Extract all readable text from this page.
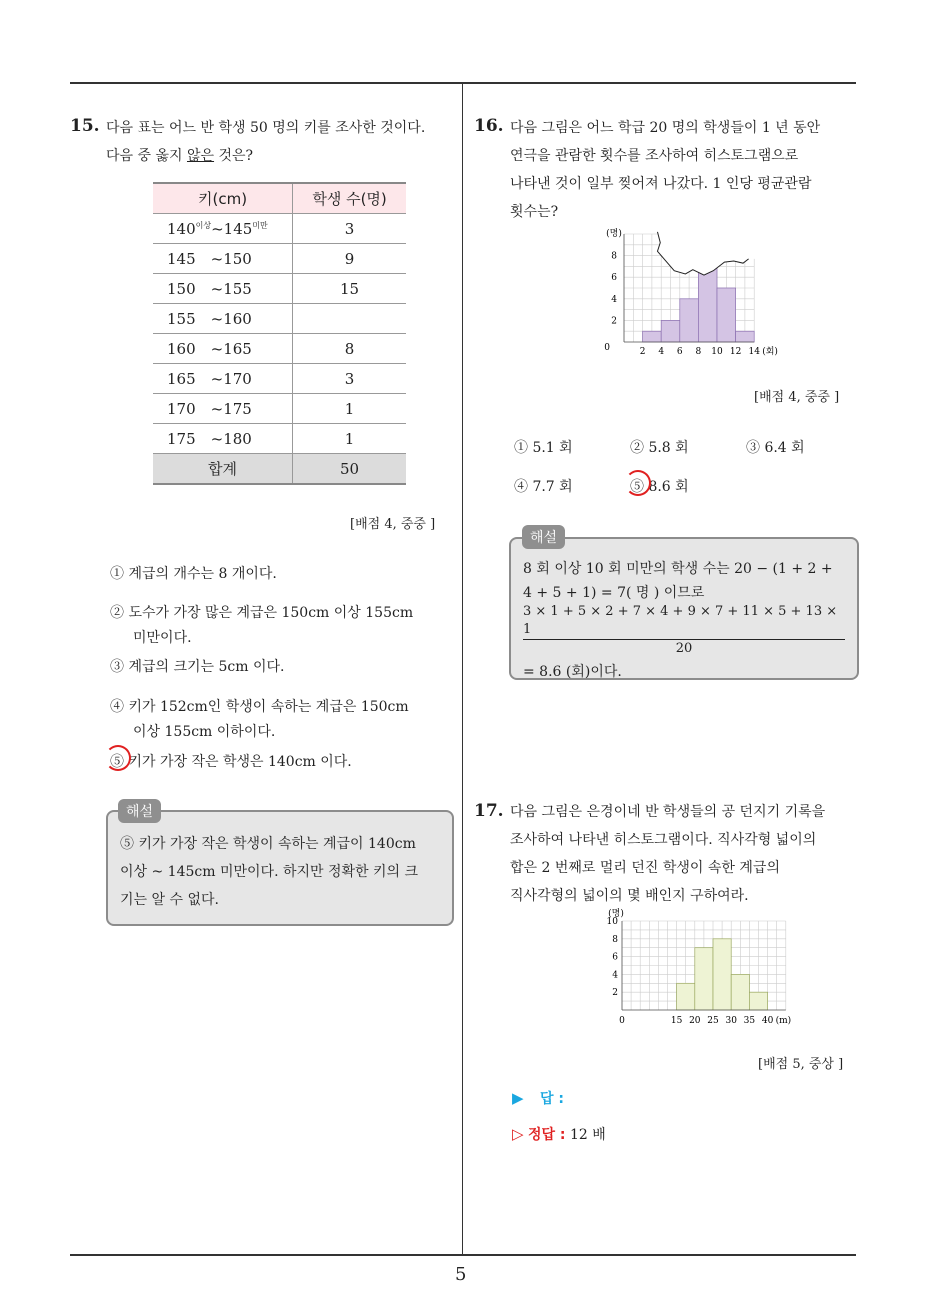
5
15. 다음 표는 어느 반 학생 50 명의 키를 조사한 것이다.
다음 중 옳지 않은 것은?
키(cm)	학생 수(명)
$140^{이상}\sim 145^{미만}$	3
145　~150	9
150　~155	15
155　~160	
160　~165	8
165　~170	3
170　~175	1
175　~180	1
합계	50
[배점 4, 중중 ]
① 계급의 개수는 8 개이다.
② 도수가 가장 많은 계급은 150cm 이상 155cm
미만이다.
③ 계급의 크기는 5cm 이다.
④ 키가 152cm인 학생이 속하는 계급은 150cm
이상 155cm 이하이다.
⑤ 키가 가장 작은 학생은 140cm 이다.
⑤ 키가 가장 작은 학생이 속하는 계급이 140cm
이상 ~ 145cm 미만이다. 하지만 정확한 키의 크
기는 알 수 없다.
해설
16. 다음 그림은 어느 학급 20 명의 학생들이 1 년 동안
연극을 관람한 횟수를 조사하여 히스토그램으로
나타낸 것이 일부 찢어져 나갔다. 1 인당 평균관람
횟수는?
2
4
6
8
0	2 4 6 8 10 12 14 (회)
(명)
[배점 4, 중중 ]
① 5.1 회	② 5.8 회	③ 6.4 회
④ 7.7 회	⑤ 8.6 회
8 회 이상 10 회 미만의 학생 수는 20 − (1 + 2 +
4 + 5 + 1) = 7( 명 ) 이므로
3 × 1 + 5 × 2 + 7 × 4 + 9 × 7 + 11 × 5 + 13 × 1
20
= 8.6 (회)이다.
해설
17. 다음 그림은 은경이네 반 학생들의 공 던지기 기록을
조사하여 나타낸 히스토그램이다. 직사각형 넓이의
합은 2 번째로 멀리 던진 학생이 속한 계급의
직사각형의 넓이의 몇 배인지 구하여라.
2
4
6
8
10
0	15 20 25 30 35 40 (m)
(명)
[배점 5, 중상 ]
▶ 답 :
▷ 정답 : 12 배
